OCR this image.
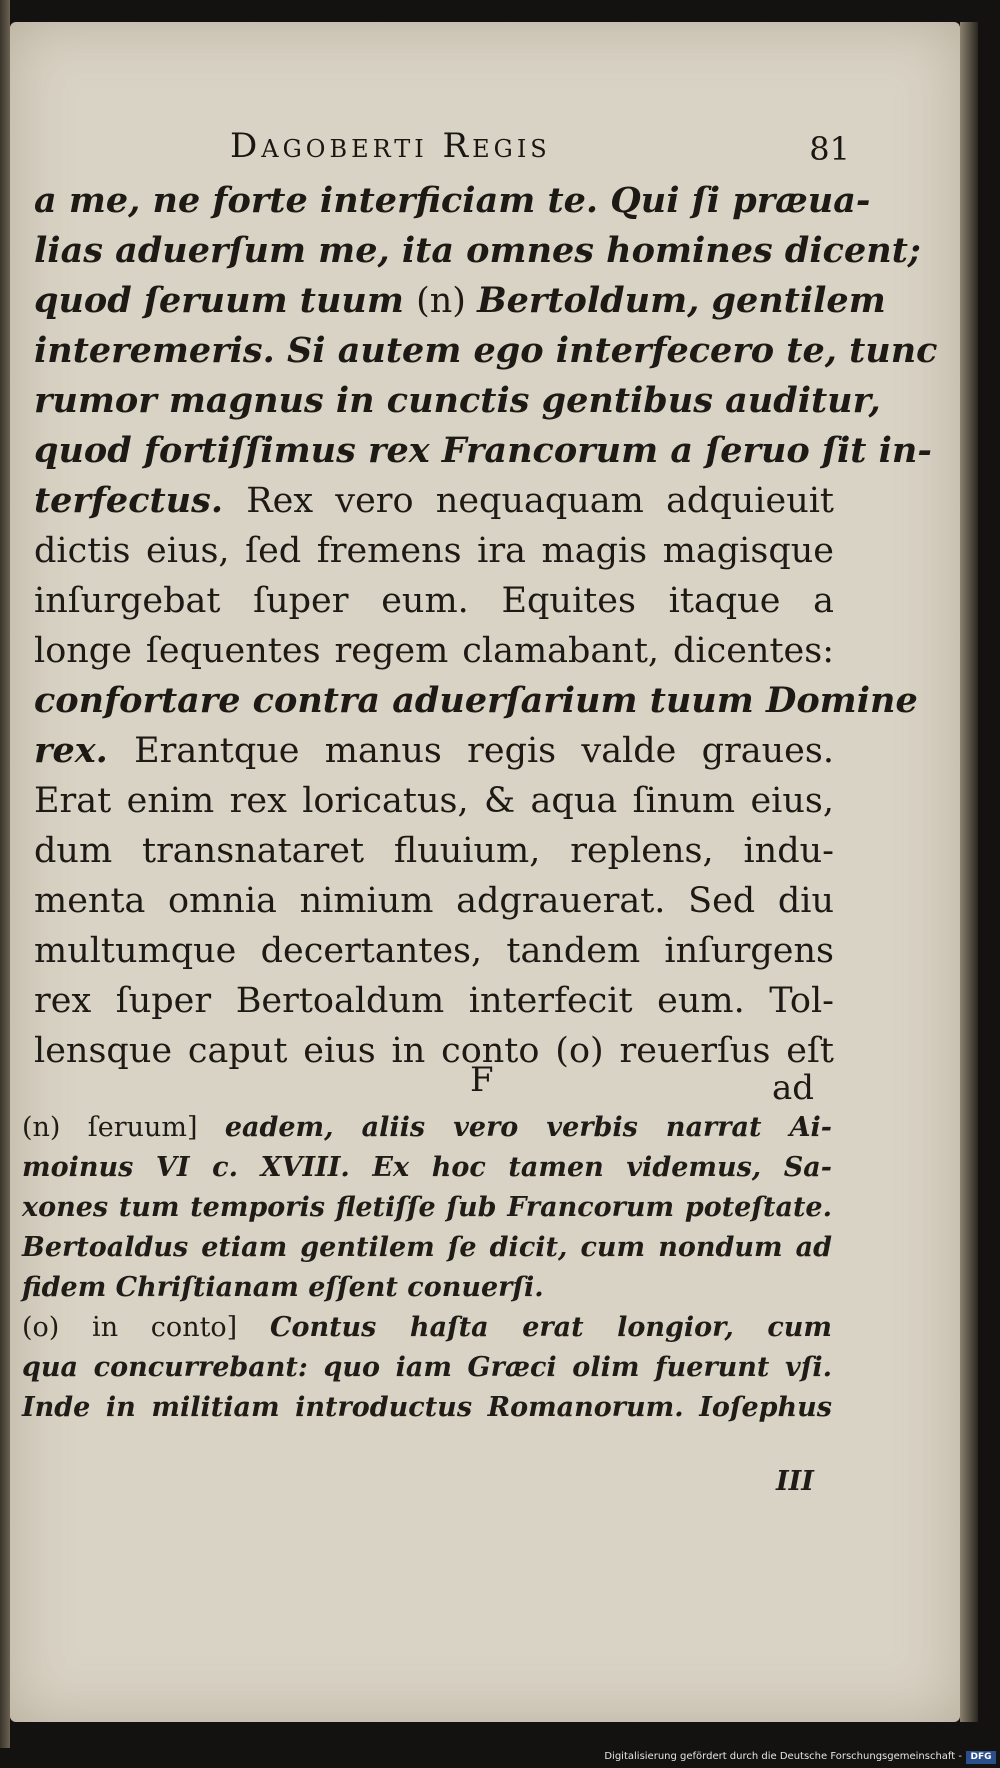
Dagoberti Regis	81
a me, ne forte interficiam te. Qui ſi præua-
lias aduerſum me, ita omnes homines dicent;
quod ſeruum tuum (n) Bertoldum, gentilem
interemeris. Si autem ego interfecero te, tunc
rumor magnus in cunctis gentibus auditur,
quod fortiſſimus rex Francorum a ſeruo ſit in-
terfectus. Rex vero nequaquam adquieuit
dictis eius, ſed fremens ira magis magisque
inſurgebat ſuper eum. Equites itaque a
longe ſequentes regem clamabant, dicentes:
confortare contra aduerſarium tuum Domine
rex. Erantque manus regis valde graues.
Erat enim rex loricatus, & aqua ſinum eius,
dum transnataret fluuium, replens, indu-
menta omnia nimium adgrauerat. Sed diu
multumque decertantes, tandem inſurgens
rex ſuper Bertoaldum interfecit eum. Tol-
lensque caput eius in conto (o) reuerſus eſt
F	ad
(n) ſeruum] eadem, aliis vero verbis narrat Ai-
moinus VI c. XVIII. Ex hoc tamen videmus, Sa-
xones tum temporis fletiſſe ſub Francorum poteſtate.
Bertoaldus etiam gentilem ſe dicit, cum nondum ad
fidem Chriſtianam eſſent conuerſi.
(o) in conto] Contus haſta erat longior, cum
qua concurrebant: quo iam Græci olim fuerunt vſi.
Inde in militiam introductus Romanorum. Ioſephus
III
Digitalisierung gefördert durch die Deutsche Forschungsgemeinschaft - DFG
